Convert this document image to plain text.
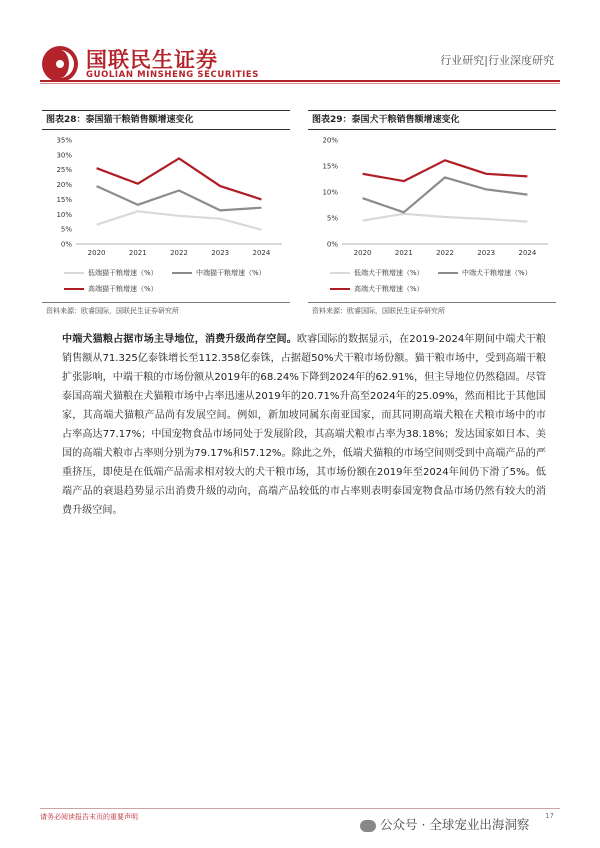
国联民生证券
GUOLIAN MINSHENG SECURITIES
行业研究|行业深度研究
图表28：泰国猫干粮销售额增速变化
0%
5%
10%
15%
20%
25%
30%
35%
2020	2021	2022	2023	2024
低端猫干粮增速（%）	中端猫干粮增速（%）
高端猫干粮增速（%）
资料来源：欧睿国际，国联民生证券研究所
图表29：泰国犬干粮销售额增速变化
0%
5%
10%
15%
20%
2020	2021	2022	2023	2024
低端犬干粮增速（%）	中端犬干粮增速（%）
高端犬干粮增速（%）
资料来源：欧睿国际，国联民生证券研究所
中端犬猫粮占据市场主导地位，消费升级尚存空间。欧睿国际的数据显示，在2019-2024年期间中端犬干粮销售额从71.325亿泰铢增长至112.358亿泰铢，占据超50%犬干粮市场份额。猫干粮市场中，受到高端干粮扩张影响，中端干粮的市场份额从2019年的68.24%下降到2024年的62.91%，但主导地位仍然稳固。尽管泰国高端犬猫粮在犬猫粮市场中占率迅速从2019年的20.71%升高至2024年的25.09%，然而相比于其他国家，其高端犬猫粮产品尚有发展空间。例如，新加坡同属东南亚国家，而其同期高端犬粮在犬粮市场中的市占率高达77.17%；中国宠物食品市场同处于发展阶段，其高端犬粮市占率为38.18%；发达国家如日本、美国的高端犬粮市占率则分别为79.17%和57.12%。除此之外，低端犬猫粮的市场空间则受到中高端产品的严重挤压，即使是在低端产品需求相对较大的犬干粮市场，其市场份额在2019年至2024年间仍下滑了5%。低端产品的衰退趋势显示出消费升级的动向，高端产品较低的市占率则表明泰国宠物食品市场仍然有较大的消费升级空间。
请务必阅读报告末页的重要声明	17
公众号 · 全球宠业出海洞察
